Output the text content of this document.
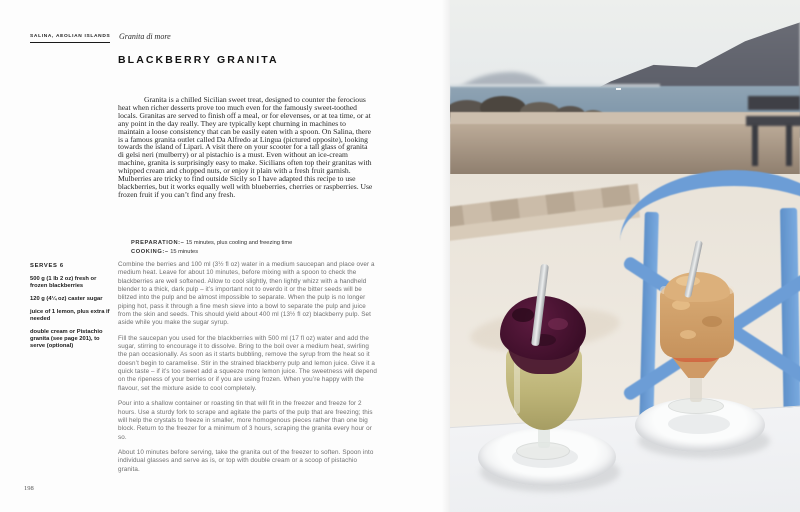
SALINA, AEOLIAN ISLANDS Granita di more
BLACKBERRY GRANITA

Granita is a chilled Sicilian sweet treat, designed to counter the ferocious heat when richer desserts prove too much even for the famously sweet-toothed locals. Granitas are served to finish off a meal, or for elevenses, or at tea time, or at any point in the day really. They are typically kept churning in machines to maintain a loose consistency that can be easily eaten with a spoon. On Salina, there is a famous granita outlet called Da Alfredo at Lingua (pictured opposite), looking towards the island of Lipari. A visit there on your scooter for a tall glass of granita di gelsi neri (mulberry) or al pistachio is a must. Even without an ice-cream machine, granita is surprisingly easy to make. Sicilians often top their granitas with whipped cream and chopped nuts, or enjoy it plain with a fresh fruit garnish. Mulberries are tricky to find outside Sicily so I have adapted this recipe to use blackberries, but it works equally well with blueberries, cherries or raspberries. Use frozen fruit if you can’t find any fresh.

PREPARATION:– 15 minutes, plus cooling and freezing time
COOKING:– 15 minutes
SERVES 6

500 g (1 lb 2 oz) fresh or frozen blackberries

120 g (4¼ oz) caster sugar

juice of 1 lemon, plus extra if needed

double cream or Pistachio granita (see page 201), to serve (optional)

Combine the berries and 100 ml (3½ fl oz) water in a medium saucepan and place over a medium heat. Leave for about 10 minutes, before mixing with a spoon to check the blackberries are well softened. Allow to cool slightly, then lightly whizz with a handheld blender to a thick, dark pulp – it’s important not to overdo it or the bitter seeds will be blitzed into the pulp and be almost impossible to separate. When the pulp is no longer piping hot, pass it through a fine mesh sieve into a bowl to separate the pulp and juice from the skin and seeds. This should yield about 400 ml (13½ fl oz) blackberry pulp. Set aside while you make the sugar syrup.

Fill the saucepan you used for the blackberries with 500 ml (17 fl oz) water and add the sugar, stirring to encourage it to dissolve. Bring to the boil over a medium heat, swirling the pan occasionally. As soon as it starts bubbling, remove the syrup from the heat so it doesn’t begin to caramelise. Stir in the strained blackberry pulp and lemon juice. Give it a quick taste – if it’s too sweet add a squeeze more lemon juice. The sweetness will depend on the ripeness of your berries or if you are using frozen. When you’re happy with the flavour, set the mixture aside to cool completely.

Pour into a shallow container or roasting tin that will fit in the freezer and freeze for 2 hours. Use a sturdy fork to scrape and agitate the parts of the pulp that are freezing; this will help the crystals to freeze in smaller, more homogenous pieces rather than one big block. Return to the freezer for a minimum of 3 hours, scraping the granita every hour or so.

About 10 minutes before serving, take the granita out of the freezer to soften. Spoon into individual glasses and serve as is, or top with double cream or a scoop of pistachio granita.

198
